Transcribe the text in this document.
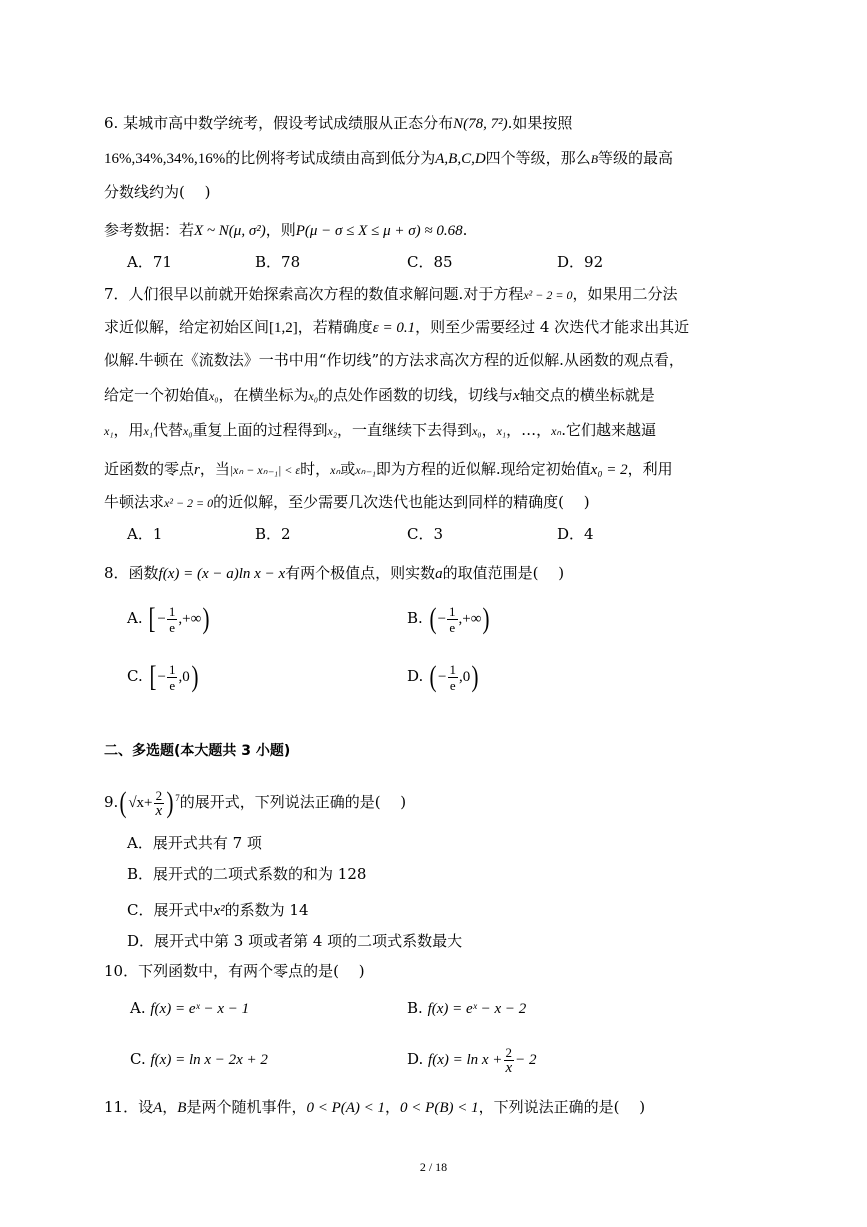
6. 某城市高中数学统考，假设考试成绩服从正态分布N(78, 7²).如果按照
16%,34%,34%,16%的比例将考试成绩由高到低分为A,B,C,D四个等级，那么B等级的最高
分数线约为(　 )
参考数据：若X ~ N(μ, σ²)，则P(μ − σ ≤ X ≤ μ + σ) ≈ 0.68.
A．71	B．78	C．85	D．92
7．人们很早以前就开始探索高次方程的数值求解问题.对于方程x² − 2 = 0，如果用二分法
求近似解，给定初始区间[1,2]，若精确度ε = 0.1，则至少需要经过 4 次迭代才能求出其近
似解.牛顿在《流数法》一书中用“作切线”的方法求高次方程的近似解.从函数的观点看，
给定一个初始值x₀，在横坐标为x₀的点处作函数的切线，切线与x轴交点的横坐标就是
x₁，用x₁代替x₀重复上面的过程得到x₂，一直继续下去得到x₀，x₁，…，xₙ.它们越来越逼
近函数的零点r，当|xₙ − xₙ₋₁| < ε时，xₙ或xₙ₋₁即为方程的近似解.现给定初始值x₀ = 2，利用
牛顿法求x² − 2 = 0的近似解，至少需要几次迭代也能达到同样的精确度(　 )
A．1	B．2	C．3	D．4
8．函数f(x) = (x − a)ln x − x有两个极值点，则实数a的取值范围是(　 )
A. [ − $\frac{1}{e}$ ,+∞)	B. ( − $\frac{1}{e}$ ,+∞)
C. [ − $\frac{1}{e} ,0$)	D. ( − $\frac{1}{e} ,0$)
二、多选题(本大题共 3 小题)
9.( $√x+ \frac{2}{x}$ ) $^7$的展开式，下列说法正确的是(　 )
A．展开式共有 7 项
B．展开式的二项式系数的和为 128
C．展开式中x²的系数为 14
D．展开式中第 3 项或者第 4 项的二项式系数最大
10．下列函数中，有两个零点的是(　 )
A. f(x) = eˣ − x − 1	B. f(x) = eˣ − x − 2
C. f(x) = ln x − 2x + 2	D. $f(x) = \ln x + \frac{2}{x} - 2$
11．设A，B是两个随机事件，0 < P(A) < 1，0 < P(B) < 1，下列说法正确的是(　 )
2 / 18
